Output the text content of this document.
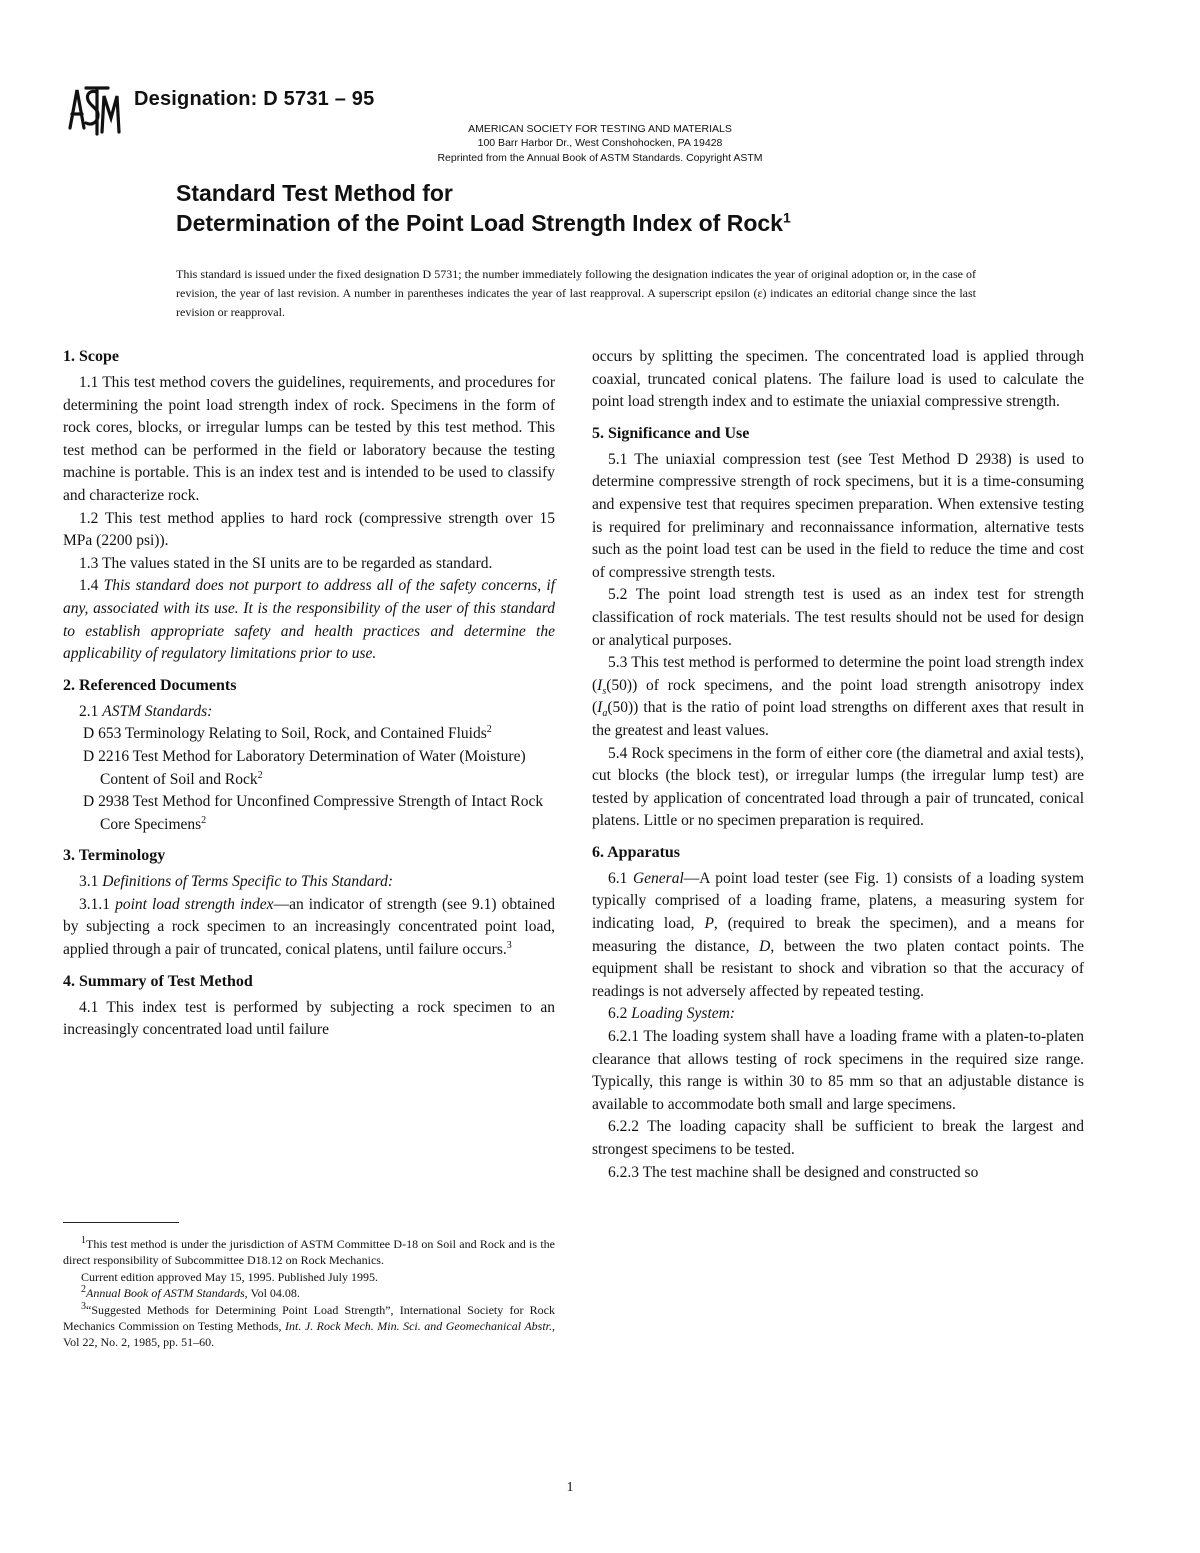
Designation: D 5731 – 95
AMERICAN SOCIETY FOR TESTING AND MATERIALS
100 Barr Harbor Dr., West Conshohocken, PA 19428
Reprinted from the Annual Book of ASTM Standards. Copyright ASTM
Standard Test Method for
Determination of the Point Load Strength Index of Rock$^1$
This standard is issued under the fixed designation D 5731; the number immediately following the designation indicates the year of original adoption or, in the case of revision, the year of last revision. A number in parentheses indicates the year of last reapproval. A superscript epsilon (ε) indicates an editorial change since the last revision or reapproval.
1. Scope

1.1 This test method covers the guidelines, requirements, and procedures for determining the point load strength index of rock. Specimens in the form of rock cores, blocks, or irregular lumps can be tested by this test method. This test method can be performed in the field or laboratory because the testing machine is portable. This is an index test and is intended to be used to classify and characterize rock.

1.2 This test method applies to hard rock (compressive strength over 15 MPa (2200 psi)).

1.3 The values stated in the SI units are to be regarded as standard.

1.4 This standard does not purport to address all of the safety concerns, if any, associated with its use. It is the responsibility of the user of this standard to establish appropriate safety and health practices and determine the applicability of regulatory limitations prior to use.

2. Referenced Documents

2.1 ASTM Standards:

D 653 Terminology Relating to Soil, Rock, and Contained Fluids$^2$

D 2216 Test Method for Laboratory Determination of Water (Moisture) Content of Soil and Rock$^2$

D 2938 Test Method for Unconfined Compressive Strength of Intact Rock Core Specimens$^2$

3. Terminology

3.1 Definitions of Terms Specific to This Standard:

3.1.1 point load strength index—an indicator of strength (see 9.1) obtained by subjecting a rock specimen to an increasingly concentrated point load, applied through a pair of truncated, conical platens, until failure occurs.$^3$

4. Summary of Test Method

4.1 This index test is performed by subjecting a rock specimen to an increasingly concentrated load until failure

occurs by splitting the specimen. The concentrated load is applied through coaxial, truncated conical platens. The failure load is used to calculate the point load strength index and to estimate the uniaxial compressive strength.

5. Significance and Use

5.1 The uniaxial compression test (see Test Method D 2938) is used to determine compressive strength of rock specimens, but it is a time-consuming and expensive test that requires specimen preparation. When extensive testing is required for preliminary and reconnaissance information, alternative tests such as the point load test can be used in the field to reduce the time and cost of compressive strength tests.

5.2 The point load strength test is used as an index test for strength classification of rock materials. The test results should not be used for design or analytical purposes.

5.3 This test method is performed to determine the point load strength index $(I_s(50))$ of rock specimens, and the point load strength anisotropy index $(I_a(50))$ that is the ratio of point load strengths on different axes that result in the greatest and least values.

5.4 Rock specimens in the form of either core (the diametral and axial tests), cut blocks (the block test), or irregular lumps (the irregular lump test) are tested by application of concentrated load through a pair of truncated, conical platens. Little or no specimen preparation is required.

6. Apparatus

6.1 General—A point load tester (see Fig. 1) consists of a loading system typically comprised of a loading frame, platens, a measuring system for indicating load, P, (required to break the specimen), and a means for measuring the distance, D, between the two platen contact points. The equipment shall be resistant to shock and vibration so that the accuracy of readings is not adversely affected by repeated testing.

6.2 Loading System:

6.2.1 The loading system shall have a loading frame with a platen-to-platen clearance that allows testing of rock specimens in the required size range. Typically, this range is within 30 to 85 mm so that an adjustable distance is available to accommodate both small and large specimens.

6.2.2 The loading capacity shall be sufficient to break the largest and strongest specimens to be tested.

6.2.3 The test machine shall be designed and constructed so

$^1$This test method is under the jurisdiction of ASTM Committee D-18 on Soil and Rock and is the direct responsibility of Subcommittee D18.12 on Rock Mechanics.

Current edition approved May 15, 1995. Published July 1995.

$^2$Annual Book of ASTM Standards, Vol 04.08.

$^3$“Suggested Methods for Determining Point Load Strength”, International Society for Rock Mechanics Commission on Testing Methods, Int. J. Rock Mech. Min. Sci. and Geomechanical Abstr., Vol 22, No. 2, 1985, pp. 51–60.

1
